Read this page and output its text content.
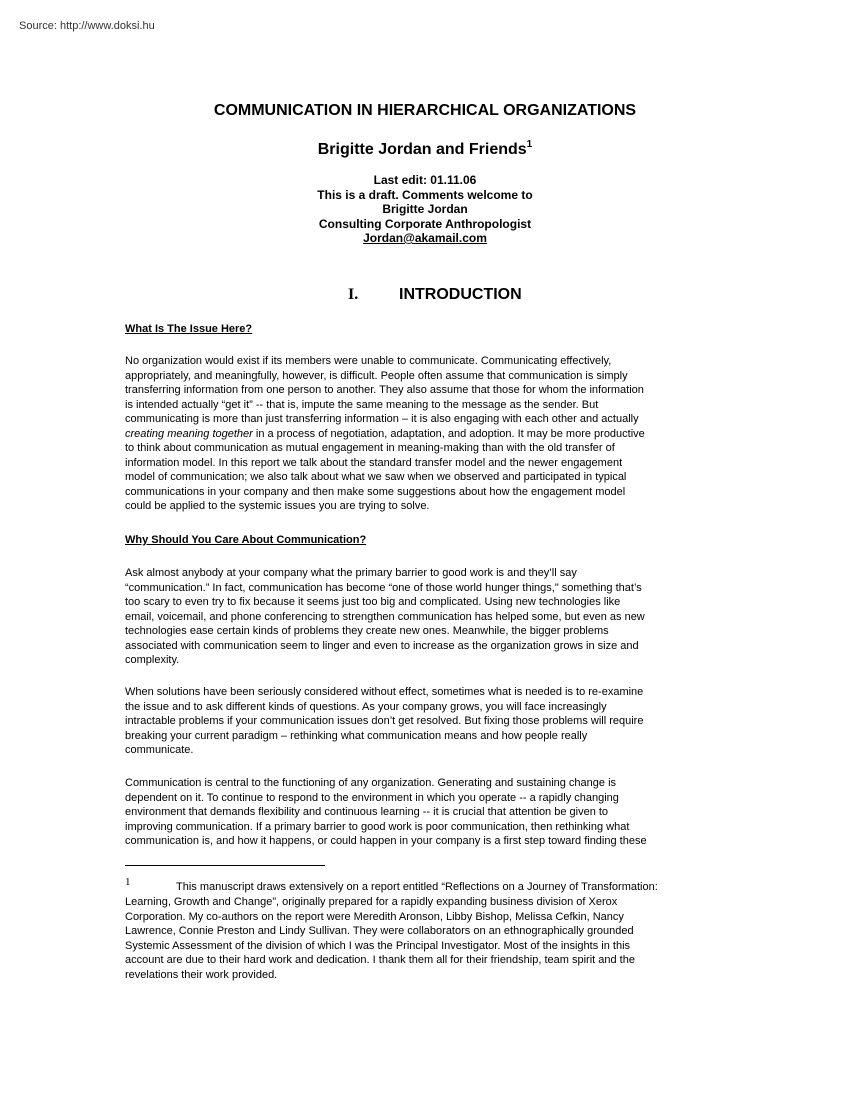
Source: http://www.doksi.hu
COMMUNICATION IN HIERARCHICAL ORGANIZATIONS
Brigitte Jordan and Friends$^1$
Last edit: 01.11.06
This is a draft. Comments welcome to
Brigitte Jordan
Consulting Corporate Anthropologist
Jordan@akamail.com
I.	INTRODUCTION
What Is The Issue Here?
No organization would exist if its members were unable to communicate. Communicating effectively,
appropriately, and meaningfully, however, is difficult. People often assume that communication is simply
transferring information from one person to another. They also assume that those for whom the information
is intended actually “get it” -- that is, impute the same meaning to the message as the sender. But
communicating is more than just transferring information – it is also engaging with each other and actually
creating meaning together in a process of negotiation, adaptation, and adoption. It may be more productive
to think about communication as mutual engagement in meaning-making than with the old transfer of
information model. In this report we talk about the standard transfer model and the newer engagement
model of communication; we also talk about what we saw when we observed and participated in typical
communications in your company and then make some suggestions about how the engagement model
could be applied to the systemic issues you are trying to solve.
Why Should You Care About Communication?
Ask almost anybody at your company what the primary barrier to good work is and they’ll say
“communication.” In fact, communication has become “one of those world hunger things," something that’s
too scary to even try to fix because it seems just too big and complicated. Using new technologies like
email, voicemail, and phone conferencing to strengthen communication has helped some, but even as new
technologies ease certain kinds of problems they create new ones. Meanwhile, the bigger problems
associated with communication seem to linger and even to increase as the organization grows in size and
complexity.
When solutions have been seriously considered without effect, sometimes what is needed is to re-examine
the issue and to ask different kinds of questions. As your company grows, you will face increasingly
intractable problems if your communication issues don’t get resolved. But fixing those problems will require
breaking your current paradigm – rethinking what communication means and how people really
communicate.
Communication is central to the functioning of any organization. Generating and sustaining change is
dependent on it. To continue to respond to the environment in which you operate -- a rapidly changing
environment that demands flexibility and continuous learning -- it is crucial that attention be given to
improving communication. If a primary barrier to good work is poor communication, then rethinking what
communication is, and how it happens, or could happen in your company is a first step toward finding these
1	This manuscript draws extensively on a report entitled “Reflections on a Journey of Transformation:
Learning, Growth and Change”, originally prepared for a rapidly expanding business division of Xerox
Corporation. My co-authors on the report were Meredith Aronson, Libby Bishop, Melissa Cefkin, Nancy
Lawrence, Connie Preston and Lindy Sullivan. They were collaborators on an ethnographically grounded
Systemic Assessment of the division of which I was the Principal Investigator. Most of the insights in this
account are due to their hard work and dedication. I thank them all for their friendship, team spirit and the
revelations their work provided.
